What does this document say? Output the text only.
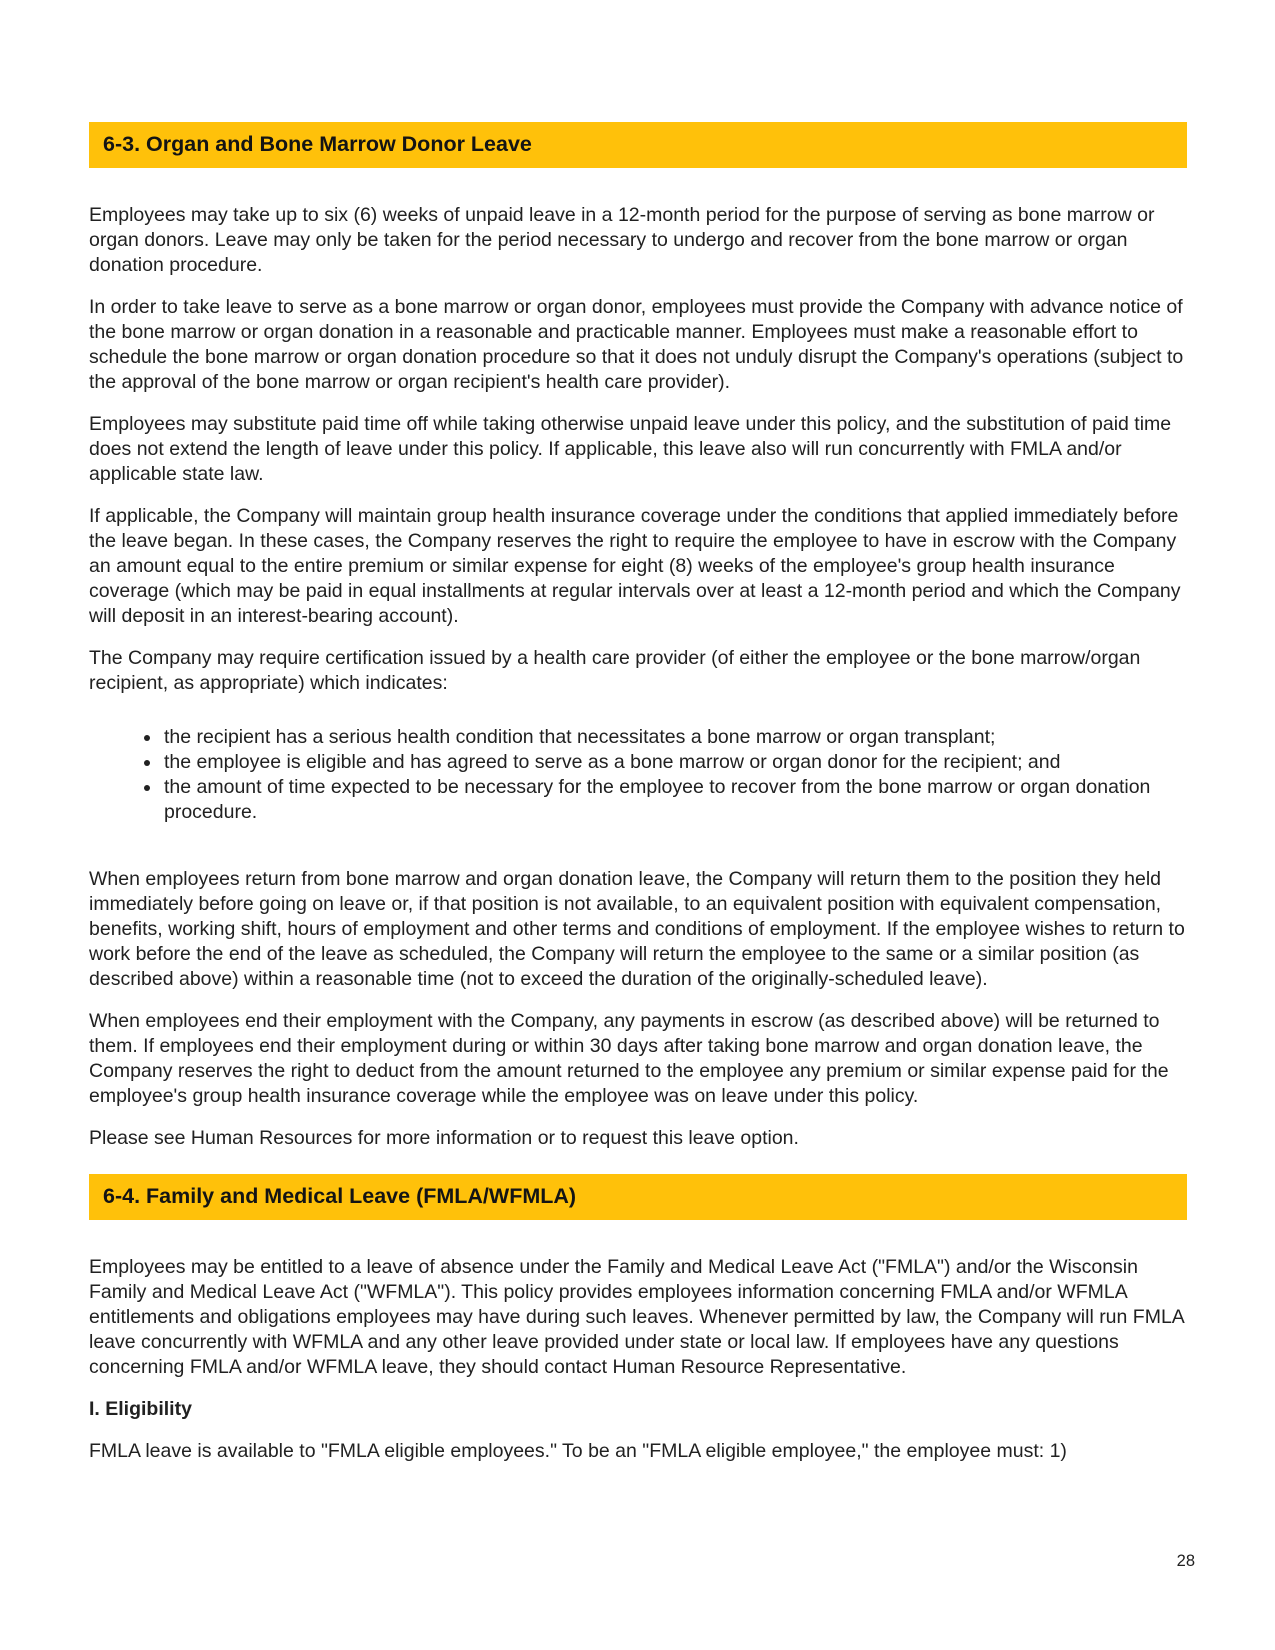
6-3. Organ and Bone Marrow Donor Leave

Employees may take up to six (6) weeks of unpaid leave in a 12-month period for the purpose of serving as bone marrow or organ donors. Leave may only be taken for the period necessary to undergo and recover from the bone marrow or organ donation procedure.

In order to take leave to serve as a bone marrow or organ donor, employees must provide the Company with advance notice of the bone marrow or organ donation in a reasonable and practicable manner. Employees must make a reasonable effort to schedule the bone marrow or organ donation procedure so that it does not unduly disrupt the Company's operations (subject to the approval of the bone marrow or organ recipient's health care provider).

Employees may substitute paid time off while taking otherwise unpaid leave under this policy, and the substitution of paid time does not extend the length of leave under this policy. If applicable, this leave also will run concurrently with FMLA and/or applicable state law.

If applicable, the Company will maintain group health insurance coverage under the conditions that applied immediately before the leave began. In these cases, the Company reserves the right to require the employee to have in escrow with the Company an amount equal to the entire premium or similar expense for eight (8) weeks of the employee's group health insurance coverage (which may be paid in equal installments at regular intervals over at least a 12-month period and which the Company will deposit in an interest-bearing account).

The Company may require certification issued by a health care provider (of either the employee or the bone marrow/organ recipient, as appropriate) which indicates:

• the recipient has a serious health condition that necessitates a bone marrow or organ transplant;
• the employee is eligible and has agreed to serve as a bone marrow or organ donor for the recipient; and
• the amount of time expected to be necessary for the employee to recover from the bone marrow or organ donation procedure.

When employees return from bone marrow and organ donation leave, the Company will return them to the position they held immediately before going on leave or, if that position is not available, to an equivalent position with equivalent compensation, benefits, working shift, hours of employment and other terms and conditions of employment. If the employee wishes to return to work before the end of the leave as scheduled, the Company will return the employee to the same or a similar position (as described above) within a reasonable time (not to exceed the duration of the originally-scheduled leave).

When employees end their employment with the Company, any payments in escrow (as described above) will be returned to them. If employees end their employment during or within 30 days after taking bone marrow and organ donation leave, the Company reserves the right to deduct from the amount returned to the employee any premium or similar expense paid for the employee's group health insurance coverage while the employee was on leave under this policy.

Please see Human Resources for more information or to request this leave option.

6-4. Family and Medical Leave (FMLA/WFMLA)

Employees may be entitled to a leave of absence under the Family and Medical Leave Act ("FMLA") and/or the Wisconsin Family and Medical Leave Act ("WFMLA"). This policy provides employees information concerning FMLA and/or WFMLA entitlements and obligations employees may have during such leaves. Whenever permitted by law, the Company will run FMLA leave concurrently with WFMLA and any other leave provided under state or local law. If employees have any questions concerning FMLA and/or WFMLA leave, they should contact Human Resource Representative.

I. Eligibility

FMLA leave is available to "FMLA eligible employees." To be an "FMLA eligible employee," the employee must: 1)

28
